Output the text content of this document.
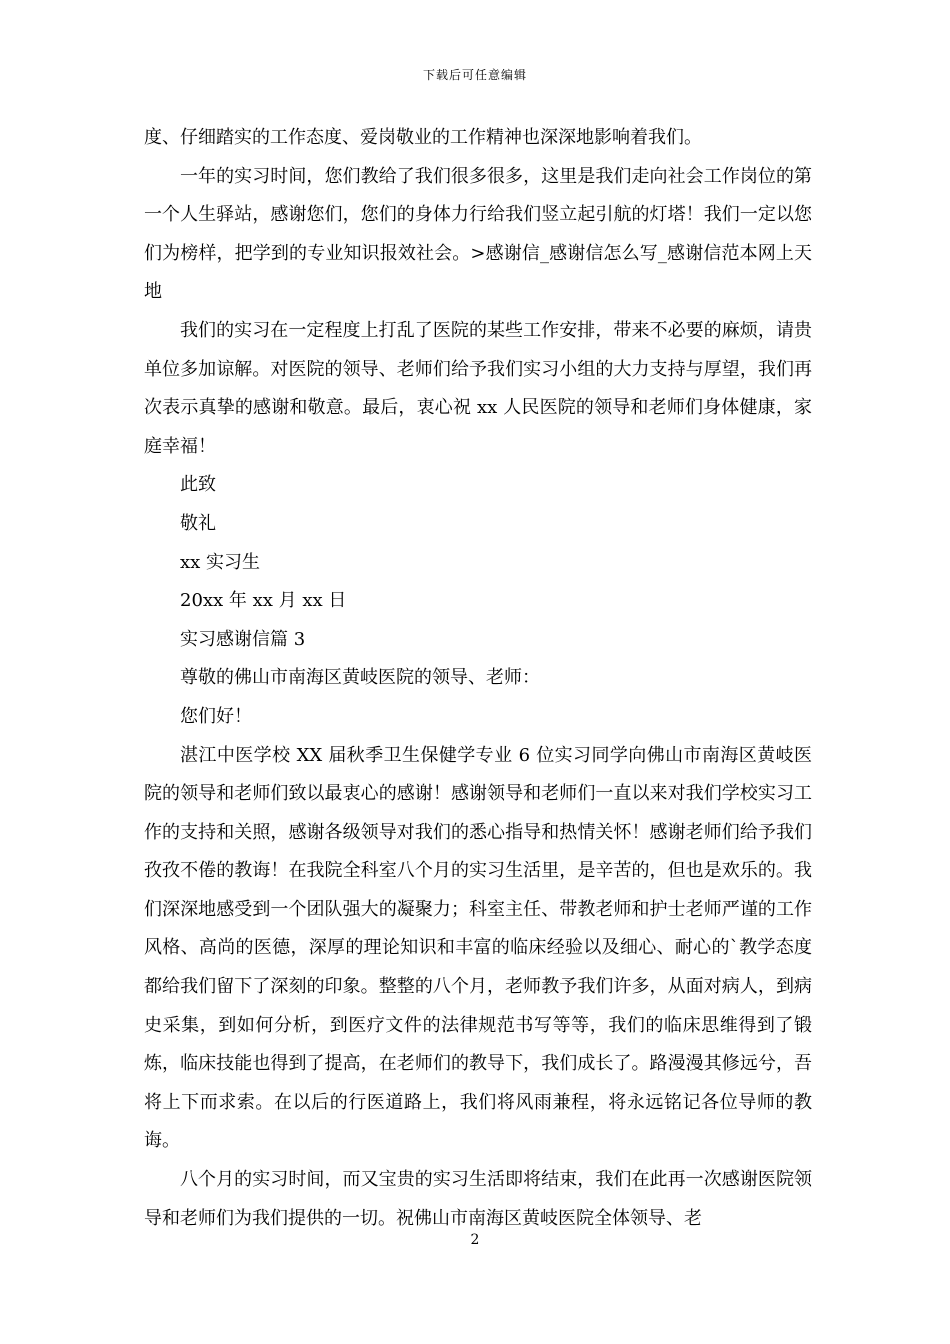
下载后可任意编辑

度、仔细踏实的工作态度、爱岗敬业的工作精神也深深地影响着我们。

一年的实习时间，您们教给了我们很多很多，这里是我们走向社会工作岗位的第一个人生驿站，感谢您们，您们的身体力行给我们竖立起引航的灯塔！我们一定以您们为榜样，把学到的专业知识报效社会。>感谢信_感谢信怎么写_感谢信范本网上天地

我们的实习在一定程度上打乱了医院的某些工作安排，带来不必要的麻烦，请贵单位多加谅解。对医院的领导、老师们给予我们实习小组的大力支持与厚望，我们再次表示真挚的感谢和敬意。最后，衷心祝 xx 人民医院的领导和老师们身体健康，家庭幸福！

此致

敬礼

xx 实习生

20xx 年 xx 月 xx 日

实习感谢信篇 3

尊敬的佛山市南海区黄岐医院的领导、老师：

您们好！

湛江中医学校 XX 届秋季卫生保健学专业 6 位实习同学向佛山市南海区黄岐医院的领导和老师们致以最衷心的感谢！感谢领导和老师们一直以来对我们学校实习工作的支持和关照，感谢各级领导对我们的悉心指导和热情关怀！感谢老师们给予我们孜孜不倦的教诲！在我院全科室八个月的实习生活里，是辛苦的，但也是欢乐的。我们深深地感受到一个团队强大的凝聚力；科室主任、带教老师和护士老师严谨的工作风格、高尚的医德，深厚的理论知识和丰富的临床经验以及细心、耐心的`教学态度都给我们留下了深刻的印象。整整的八个月，老师教予我们许多，从面对病人，到病史采集，到如何分析，到医疗文件的法律规范书写等等，我们的临床思维得到了锻炼，临床技能也得到了提高，在老师们的教导下，我们成长了。路漫漫其修远兮，吾将上下而求索。在以后的行医道路上，我们将风雨兼程，将永远铭记各位导师的教诲。

八个月的实习时间，而又宝贵的实习生活即将结束，我们在此再一次感谢医院领导和老师们为我们提供的一切。祝佛山市南海区黄岐医院全体领导、老

2
